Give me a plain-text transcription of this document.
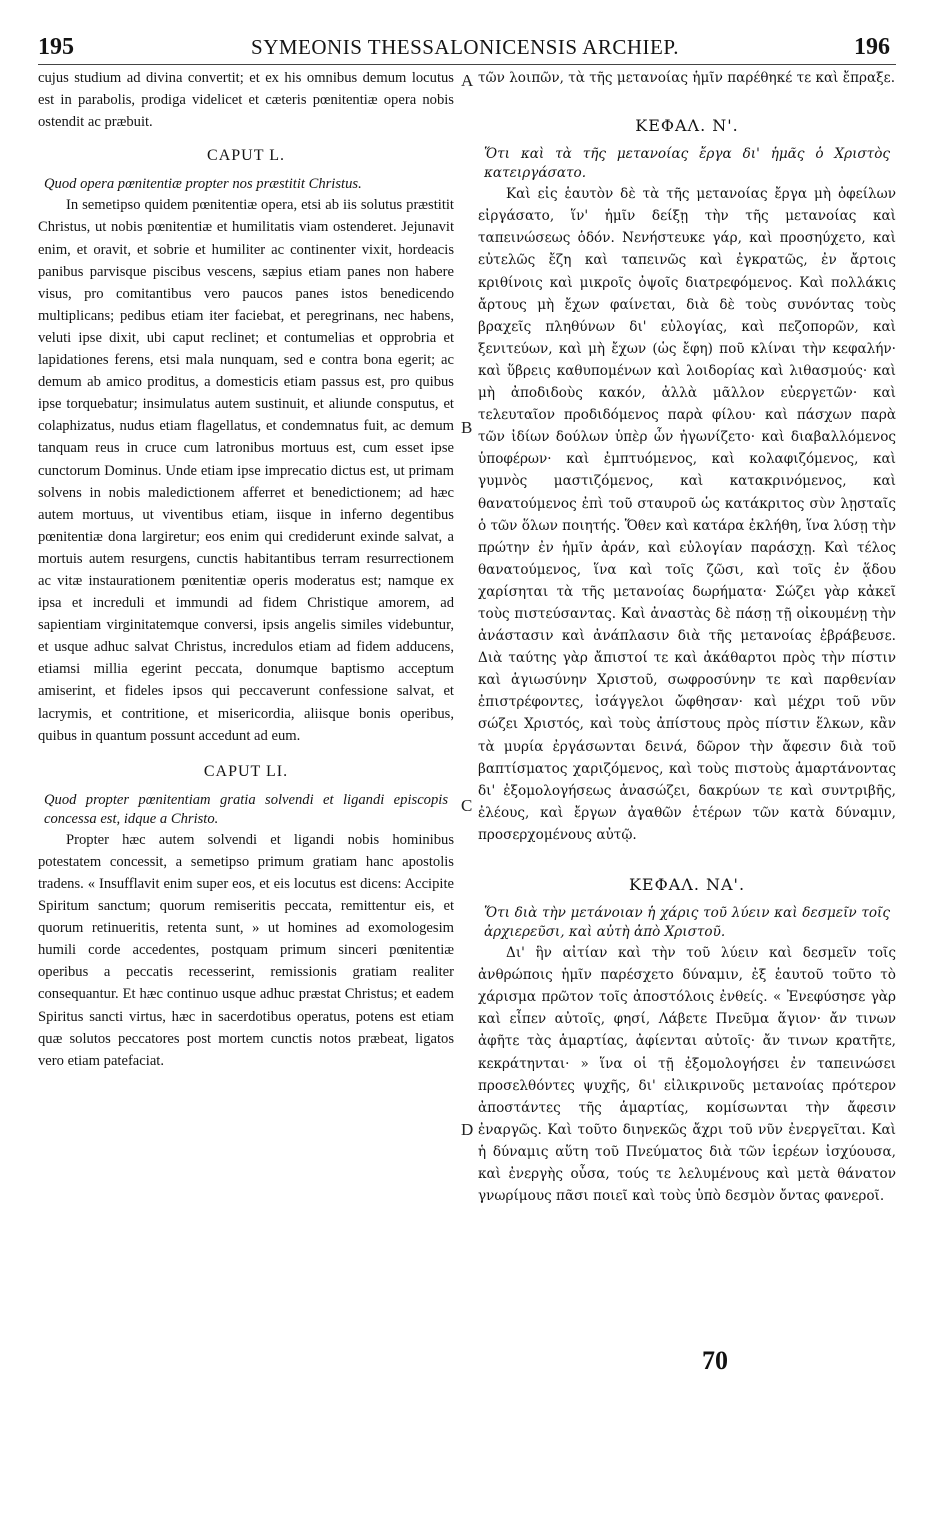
195	SYMEONIS THESSALONICENSIS ARCHIEP.	196

cujus studium ad divina convertit; et ex his omnibus demum locutus est in parabolis, prodiga videlicet et cæteris pœnitentiæ opera nobis ostendit ac præbuit.

CAPUT L.

Quod opera pœnitentiæ propter nos præstitit Christus.

In semetipso quidem pœnitentiæ opera, etsi ab iis solutus præstitit Christus, ut nobis pœnitentiæ et humilitatis viam ostenderet. Jejunavit enim, et oravit, et sobrie et humiliter ac continenter vixit, hordeacis panibus parvisque piscibus vescens, sæpius etiam panes non habere visus, pro comitantibus vero paucos panes istos benedicendo multiplicans; pedibus etiam iter faciebat, et peregrinans, nec habens, veluti ipse dixit, ubi caput reclinet; et contumelias et opprobria et lapidationes ferens, etsi mala nunquam, sed e contra bona egerit; ac demum ab amico proditus, a domesticis etiam passus est, pro quibus ipse torquebatur; insimulatus autem sustinuit, et aliunde consputus, et colaphizatus, nudus etiam flagellatus, et condemnatus fuit, ac demum tanquam reus in cruce cum latronibus mortuus est, cum esset ipse cunctorum Dominus. Unde etiam ipse imprecatio dictus est, ut primam solvens in nobis maledictionem afferret et benedictionem; ad hæc autem mortuus, ut viventibus etiam, iisque in inferno degentibus pœnitentiæ dona largiretur; eos enim qui crediderunt exinde salvat, a mortuis autem resurgens, cunctis habitantibus terram resurrectionem ac vitæ instaurationem pœnitentiæ operis moderatus est; namque ex ipsa et increduli et immundi ad fidem Christique amorem, ad sapientiam virginitatemque conversi, ipsis angelis similes videbuntur, et usque adhuc salvat Christus, incredulos etiam ad fidem adducens, etiamsi millia egerint peccata, donumque baptismo acceptum amiserint, et fideles ipsos qui peccaverunt confessione salvat, et lacrymis, et contritione, et misericordia, aliisque bonis operibus, quibus in quantum possunt accedunt ad eum.

CAPUT LI.

Quod propter pœnitentiam gratia solvendi et ligandi episcopis concessa est, idque a Christo.

Propter hæc autem solvendi et ligandi nobis hominibus potestatem concessit, a semetipso primum gratiam hanc apostolis tradens. « Insufflavit enim super eos, et eis locutus est dicens: Accipite Spiritum sanctum; quorum remiseritis peccata, remittentur eis, et quorum retinueritis, retenta sunt, » ut homines ad exomologesim humili corde accedentes, postquam primum sinceri pœnitentiæ operibus a peccatis recesserint, remissionis gratiam realiter consequantur. Et hæc continuo usque adhuc præstat Christus; et eadem Spiritus sancti virtus, hæc in sacerdotibus operatus, potens est etiam quæ solutos peccatores post mortem cunctis notos præbeat, ligatos vero etiam patefaciat.

A
B
C
D

τῶν λοιπῶν, τὰ τῆς μετανοίας ἡμῖν παρέθηκέ τε καὶ ἔπραξε.

ΚΕΦΑΛ. Ν'.

Ὅτι καὶ τὰ τῆς μετανοίας ἔργα δι' ἡμᾶς ὁ Χριστὸς κατειργάσατο.

Καὶ εἰς ἑαυτὸν δὲ τὰ τῆς μετανοίας ἔργα μὴ ὀφείλων εἰργάσατο, ἵν' ἡμῖν δείξῃ τὴν τῆς μετανοίας καὶ ταπεινώσεως ὁδόν. Νενήστευκε γάρ, καὶ προσηύχετο, καὶ εὐτελῶς ἔζη καὶ ταπεινῶς καὶ ἐγκρατῶς, ἐν ἄρτοις κριθίνοις καὶ μικροῖς ὀψοῖς διατρεφόμενος. Καὶ πολλάκις ἄρτους μὴ ἔχων φαίνεται, διὰ δὲ τοὺς συνόντας τοὺς βραχεῖς πληθύνων δι' εὐλογίας, καὶ πεζοπορῶν, καὶ ξενιτεύων, καὶ μὴ ἔχων (ὡς ἔφη) ποῦ κλίναι τὴν κεφαλήν· καὶ ὕβρεις καθυπομένων καὶ λοιδορίας καὶ λιθασμούς· καὶ μὴ ἀποδιδοὺς κακόν, ἀλλὰ μᾶλλον εὐεργετῶν· καὶ τελευταῖον προδιδόμενος παρὰ φίλου· καὶ πάσχων παρὰ τῶν ἰδίων δούλων ὑπὲρ ὧν ἠγωνίζετο· καὶ διαβαλλόμενος ὑποφέρων· καὶ ἐμπτυόμενος, καὶ κολαφιζόμενος, καὶ γυμνὸς μαστιζόμενος, καὶ κατακρινόμενος, καὶ θανατούμενος ἐπὶ τοῦ σταυροῦ ὡς κατάκριτος σὺν λῃσταῖς ὁ τῶν ὅλων ποιητής. Ὅθεν καὶ κατάρα ἐκλήθη, ἵνα λύσῃ τὴν πρώτην ἐν ἡμῖν ἀράν, καὶ εὐλογίαν παράσχῃ. Καὶ τέλος θανατούμενος, ἵνα καὶ τοῖς ζῶσι, καὶ τοῖς ἐν ᾅδου χαρίσηται τὰ τῆς μετανοίας δωρήματα· Σώζει γὰρ κἀκεῖ τοὺς πιστεύσαντας. Καὶ ἀναστὰς δὲ πάσῃ τῇ οἰκουμένῃ τὴν ἀνάστασιν καὶ ἀνάπλασιν διὰ τῆς μετανοίας ἐβράβευσε. Διὰ ταύτης γὰρ ἄπιστοί τε καὶ ἀκάθαρτοι πρὸς τὴν πίστιν καὶ ἁγιωσύνην Χριστοῦ, σωφροσύνην τε καὶ παρθενίαν ἐπιστρέφοντες, ἰσάγγελοι ὤφθησαν· καὶ μέχρι τοῦ νῦν σώζει Χριστός, καὶ τοὺς ἀπίστους πρὸς πίστιν ἕλκων, κἂν τὰ μυρία ἐργάσωνται δεινά, δῶρον τὴν ἄφεσιν διὰ τοῦ βαπτίσματος χαριζόμενος, καὶ τοὺς πιστοὺς ἁμαρτάνοντας δι' ἐξομολογήσεως ἀνασώζει, δακρύων τε καὶ συντριβῆς, ἐλέους, καὶ ἔργων ἀγαθῶν ἑτέρων τῶν κατὰ δύναμιν, προσερχομένους αὐτῷ.

ΚΕΦΑΛ. ΝΑ'.

Ὅτι διὰ τὴν μετάνοιαν ἡ χάρις τοῦ λύειν καὶ δεσμεῖν τοῖς ἀρχιερεῦσι, καὶ αὐτὴ ἀπὸ Χριστοῦ.

Δι' ἣν αἰτίαν καὶ τὴν τοῦ λύειν καὶ δεσμεῖν τοῖς ἀνθρώποις ἡμῖν παρέσχετο δύναμιν, ἐξ ἑαυτοῦ τοῦτο τὸ χάρισμα πρῶτον τοῖς ἀποστόλοις ἐνθείς. « Ἐνεφύσησε γὰρ καὶ εἶπεν αὐτοῖς, φησί, Λάβετε Πνεῦμα ἅγιον· ἄν τινων ἀφῆτε τὰς ἁμαρτίας, ἀφίενται αὐτοῖς· ἄν τινων κρατῆτε, κεκράτηνται· » ἵνα οἱ τῇ ἐξομολογήσει ἐν ταπεινώσει προσελθόντες ψυχῆς, δι' εἰλικρινοῦς μετανοίας πρότερον ἀποστάντες τῆς ἁμαρτίας, κομίσωνται τὴν ἄφεσιν ἐναργῶς. Καὶ τοῦτο διηνεκῶς ἄχρι τοῦ νῦν ἐνεργεῖται. Καὶ ἡ δύναμις αὕτη τοῦ Πνεύματος διὰ τῶν ἱερέων ἰσχύουσα, καὶ ἐνεργὴς οὖσα, τούς τε λελυμένους καὶ μετὰ θάνατον γνωρίμους πᾶσι ποιεῖ καὶ τοὺς ὑπὸ δεσμὸν ὄντας φανεροῖ.

70
